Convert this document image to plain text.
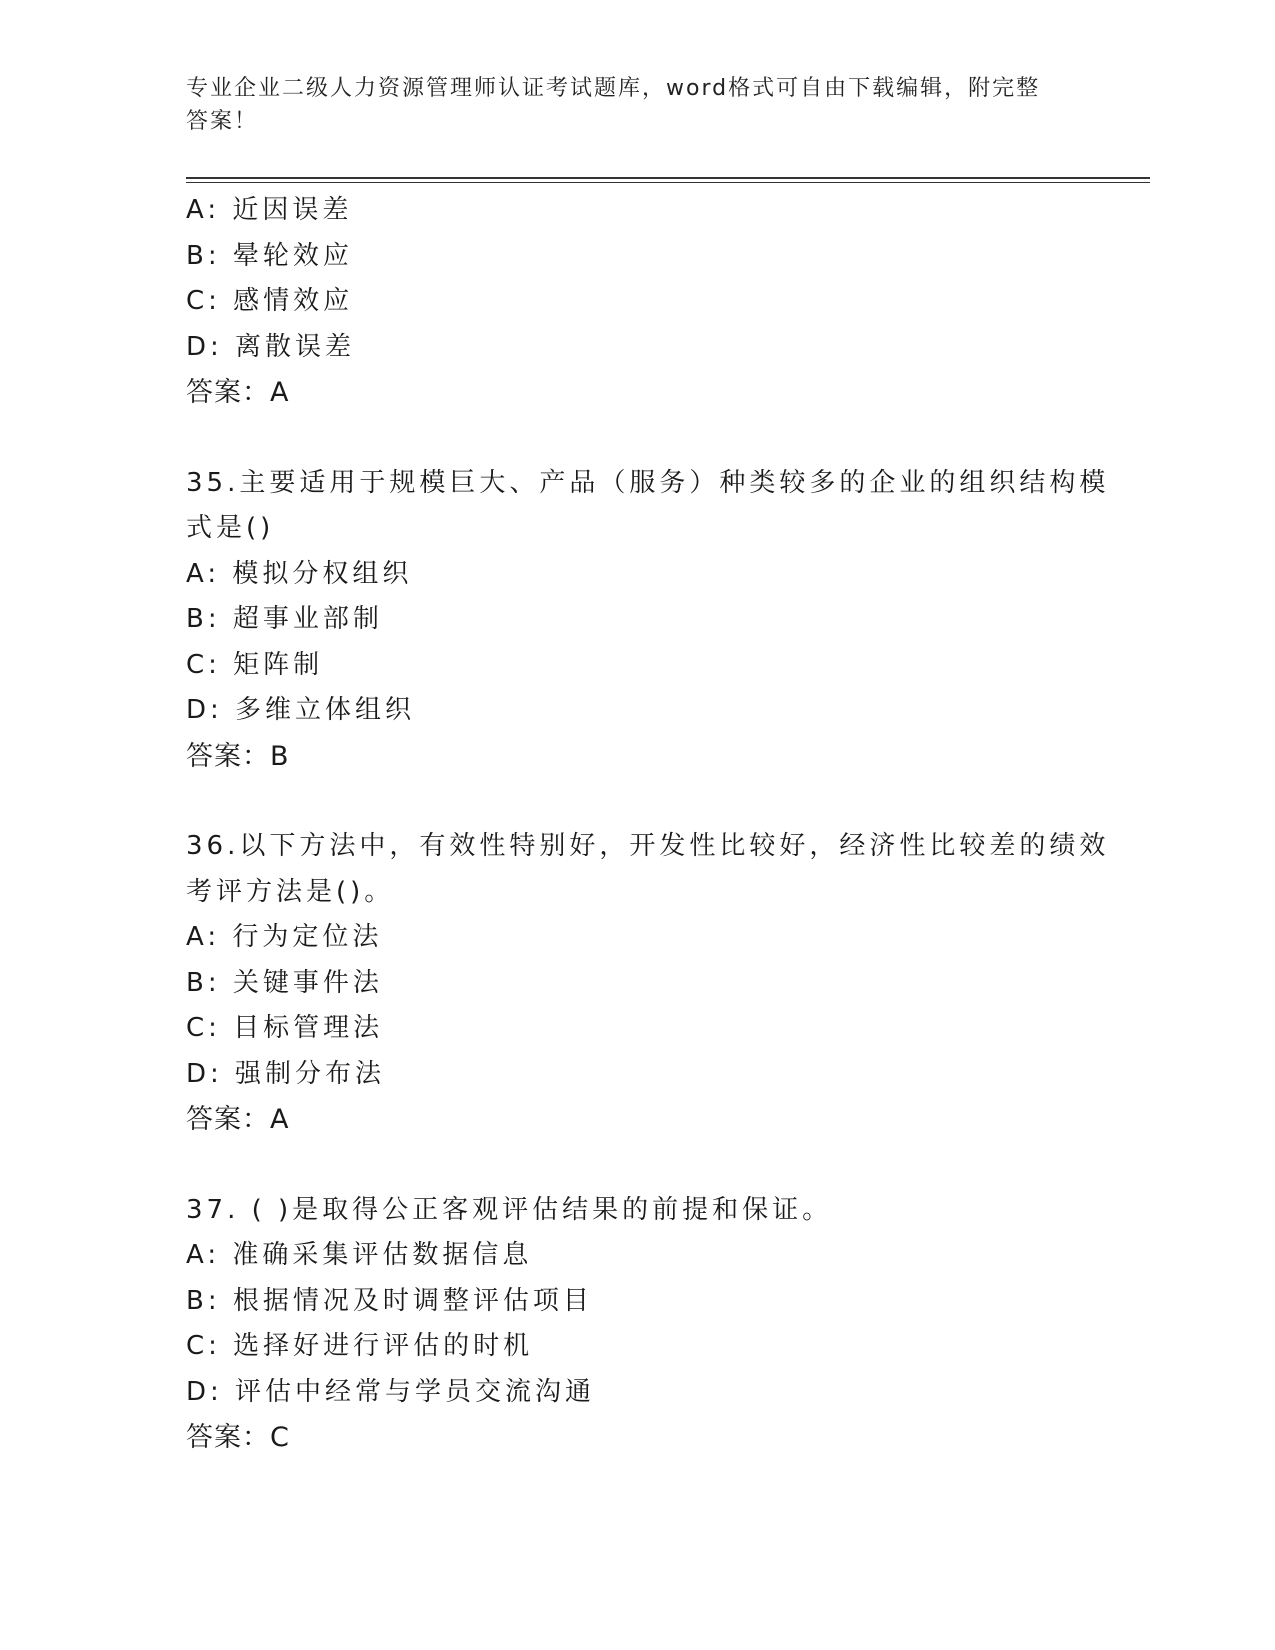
专业企业二级人力资源管理师认证考试题库，word格式可自由下载编辑，附完整
答案！
A: 近因误差
B: 晕轮效应
C: 感情效应
D: 离散误差
答案：A
35.主要适用于规模巨大、产品（服务）种类较多的企业的组织结构模
式是()
A: 模拟分权组织
B: 超事业部制
C: 矩阵制
D: 多维立体组织
答案：B
36.以下方法中，有效性特别好，开发性比较好，经济性比较差的绩效
考评方法是()。
A: 行为定位法
B: 关键事件法
C: 目标管理法
D: 强制分布法
答案：A
37. ( )是取得公正客观评估结果的前提和保证。
A: 准确采集评估数据信息
B: 根据情况及时调整评估项目
C: 选择好进行评估的时机
D: 评估中经常与学员交流沟通
答案：C
